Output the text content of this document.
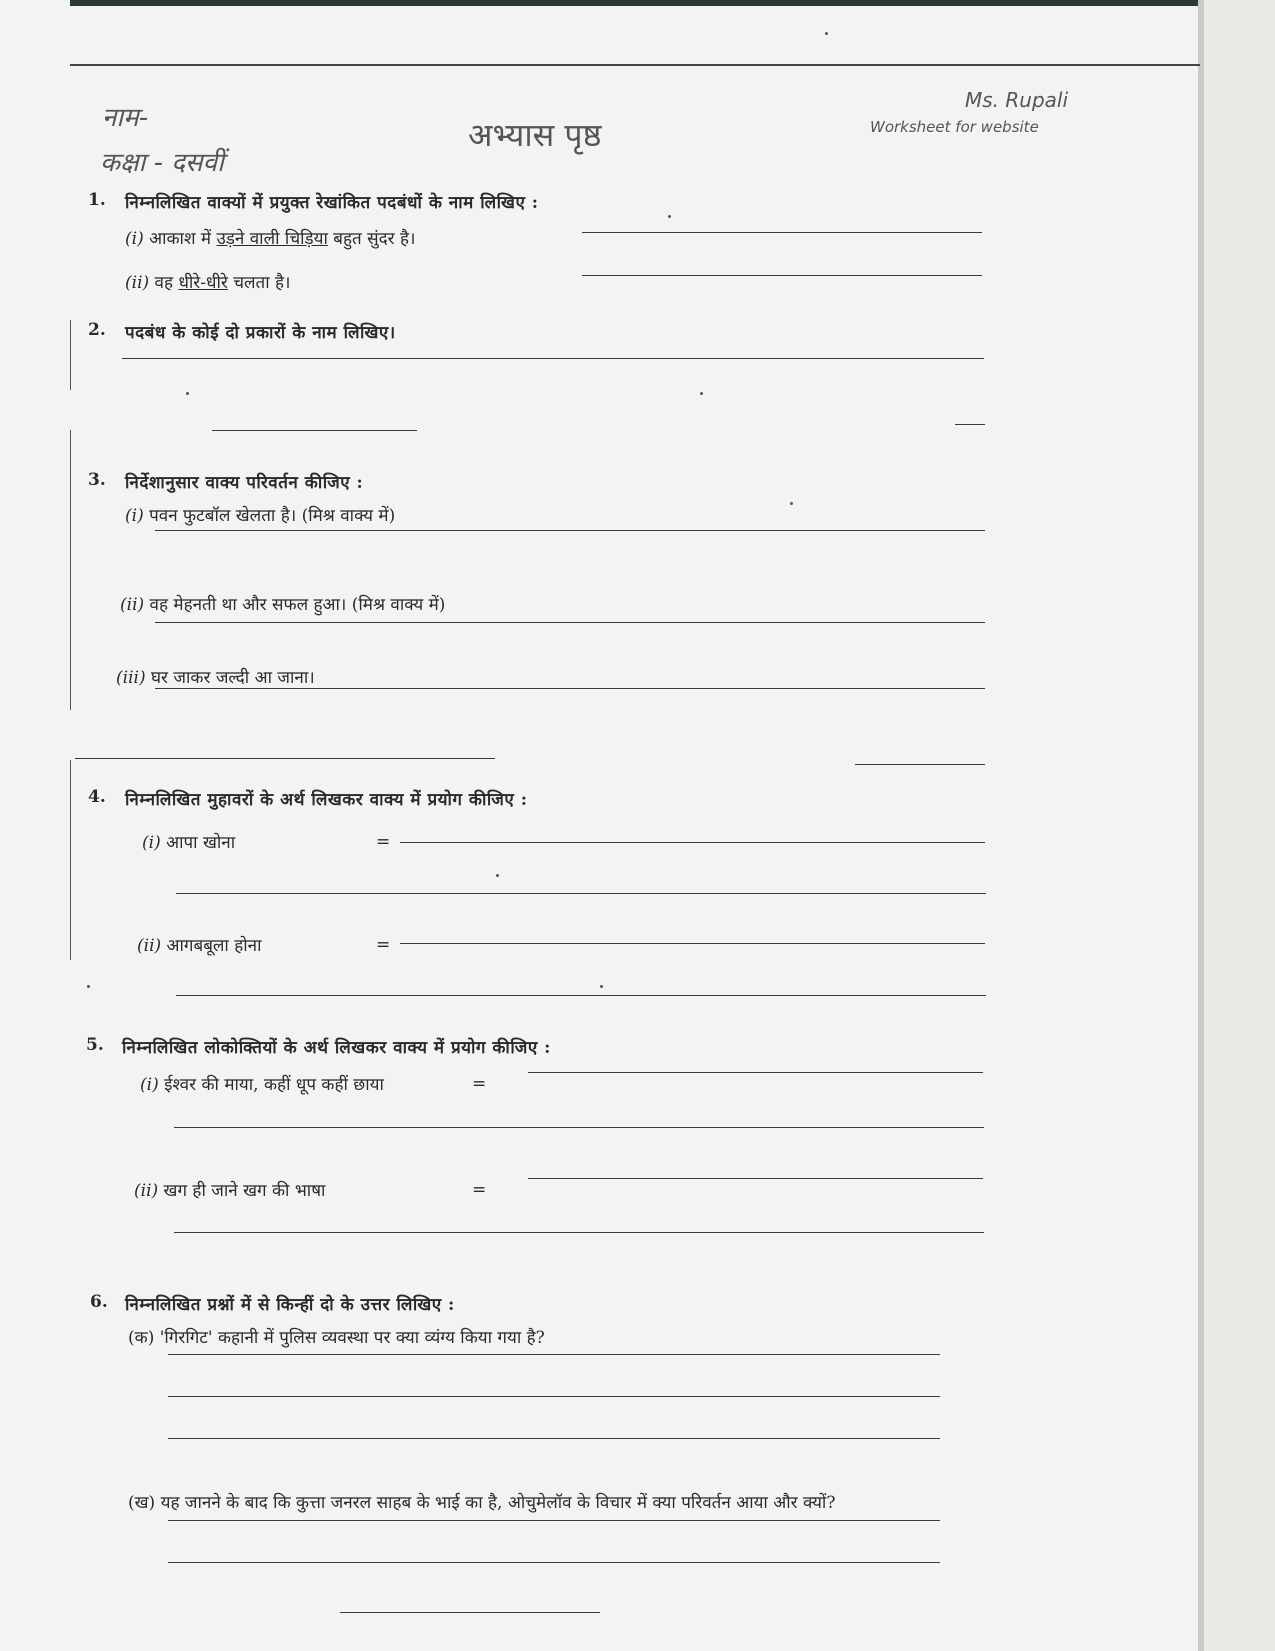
नाम-
कक्षा - दसवीं
अभ्यास पृष्ठ
Ms. Rupali
Worksheet for website
1. निम्नलिखित वाक्यों में प्रयुक्त रेखांकित पदबंधों के नाम लिखिए :
(i) आकाश में उड़ने वाली चिड़िया बहुत सुंदर है।
(ii) वह धीरे-धीरे चलता है।
2. पदबंध के कोई दो प्रकारों के नाम लिखिए।
3. निर्देशानुसार वाक्य परिवर्तन कीजिए :
(i) पवन फुटबॉल खेलता है। (मिश्र वाक्य में)
(ii) वह मेहनती था और सफल हुआ। (मिश्र वाक्य में)
(iii) घर जाकर जल्दी आ जाना।
4. निम्नलिखित मुहावरों के अर्थ लिखकर वाक्य में प्रयोग कीजिए :
(i) आपा खोना	=
(ii) आगबबूला होना	=
5. निम्नलिखित लोकोक्तियों के अर्थ लिखकर वाक्य में प्रयोग कीजिए :
(i) ईश्वर की माया, कहीं धूप कहीं छाया	=
(ii) खग ही जाने खग की भाषा	=
6. निम्नलिखित प्रश्नों में से किन्हीं दो के उत्तर लिखिए :
(क) 'गिरगिट' कहानी में पुलिस व्यवस्था पर क्या व्यंग्य किया गया है?
(ख) यह जानने के बाद कि कुत्ता जनरल साहब के भाई का है, ओचुमेलॉव के विचार में क्या परिवर्तन आया और क्यों?
